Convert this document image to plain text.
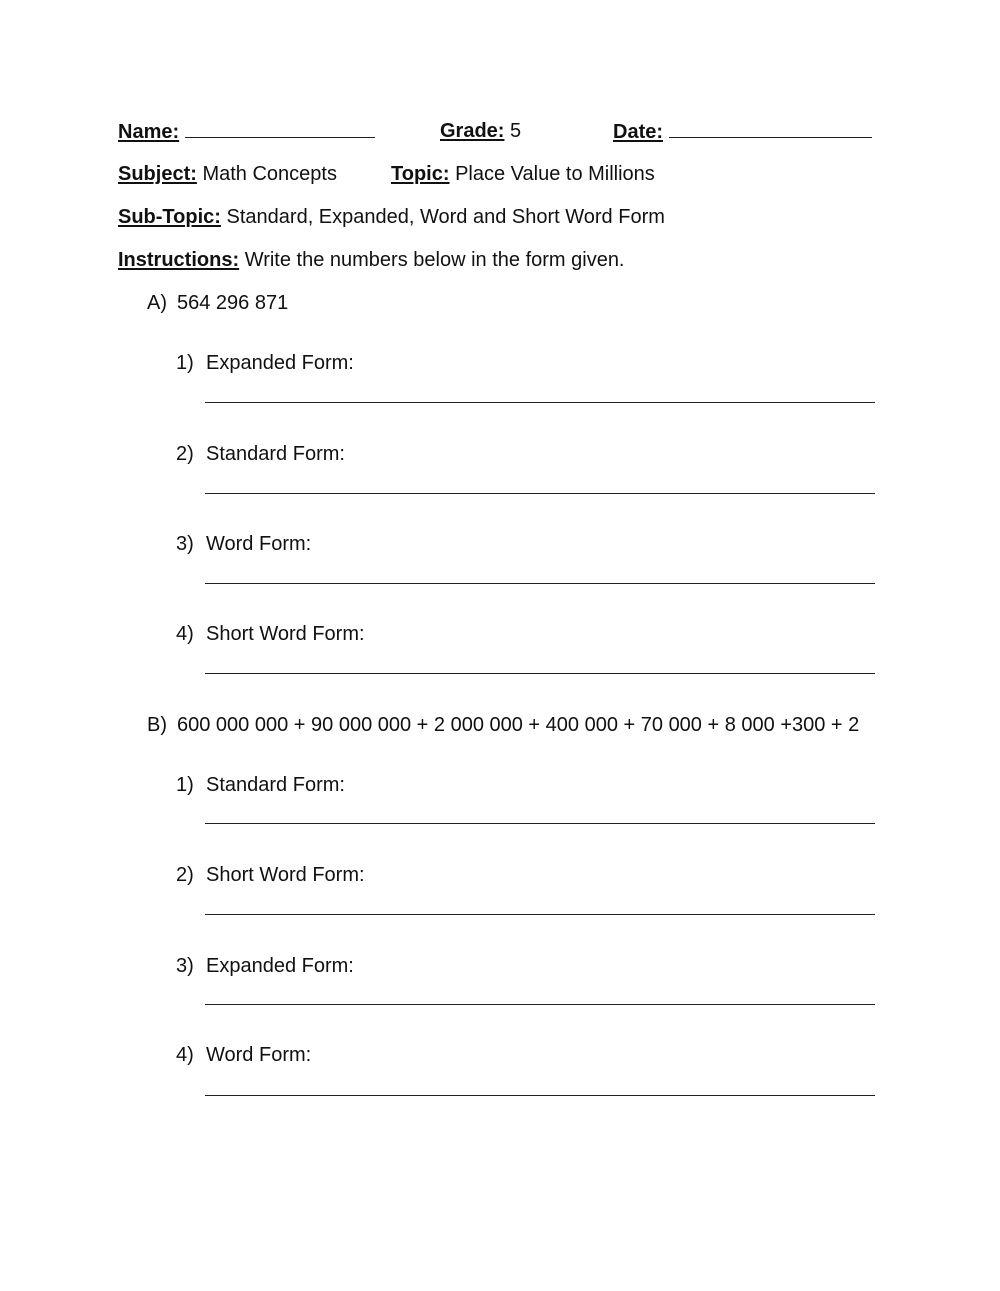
Name:	Grade: 5	Date:
Subject: Math Concepts	Topic: Place Value to Millions
Sub-Topic: Standard, Expanded, Word and Short Word Form
Instructions: Write the numbers below in the form given.
A) 564 296 871
1) Expanded Form:
2) Standard Form:
3) Word Form:
4) Short Word Form:
B) 600 000 000 + 90 000 000 + 2 000 000 + 400 000 + 70 000 + 8 000 +300 + 2
1) Standard Form:
2) Short Word Form:
3) Expanded Form:
4) Word Form:
